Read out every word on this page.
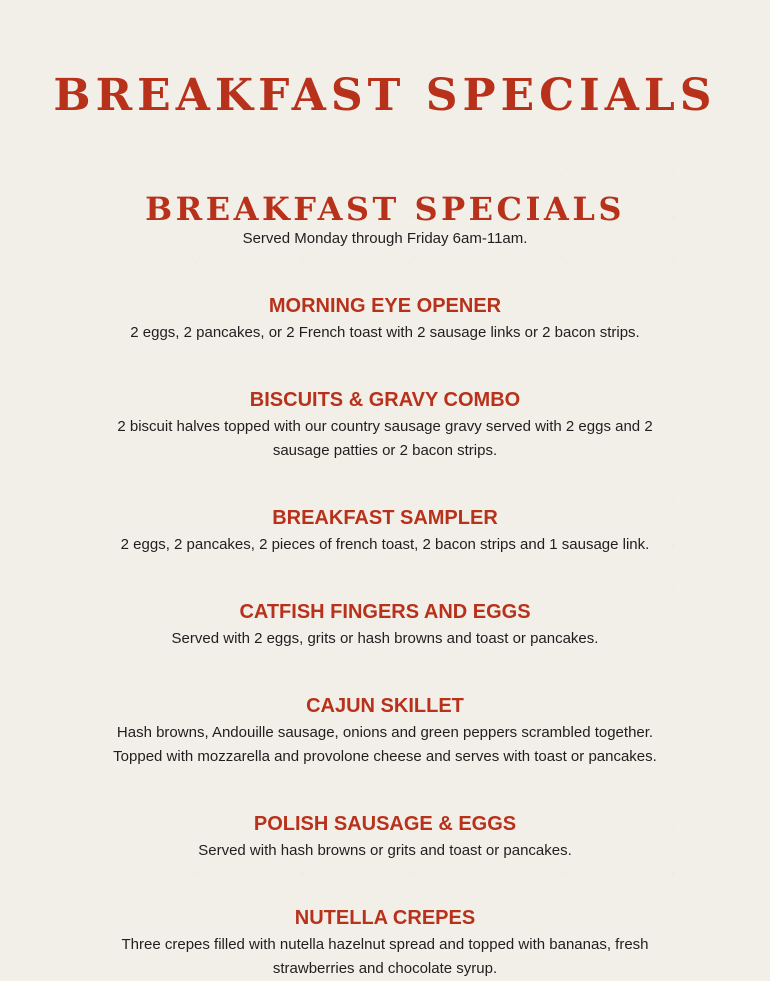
BREAKFAST SPECIALS
BREAKFAST SPECIALS

Served Monday through Friday 6am-11am.

MORNING EYE OPENER

2 eggs, 2 pancakes, or 2 French toast with 2 sausage links or 2 bacon strips.

BISCUITS & GRAVY COMBO

2 biscuit halves topped with our country sausage gravy served with 2 eggs and 2 sausage patties or 2 bacon strips.

BREAKFAST SAMPLER

2 eggs, 2 pancakes, 2 pieces of french toast, 2 bacon strips and 1 sausage link.

CATFISH FINGERS AND EGGS

Served with 2 eggs, grits or hash browns and toast or pancakes.

CAJUN SKILLET

Hash browns, Andouille sausage, onions and green peppers scrambled together. Topped with mozzarella and provolone cheese and serves with toast or pancakes.

POLISH SAUSAGE & EGGS

Served with hash browns or grits and toast or pancakes.

NUTELLA CREPES

Three crepes filled with nutella hazelnut spread and topped with bananas, fresh strawberries and chocolate syrup.
